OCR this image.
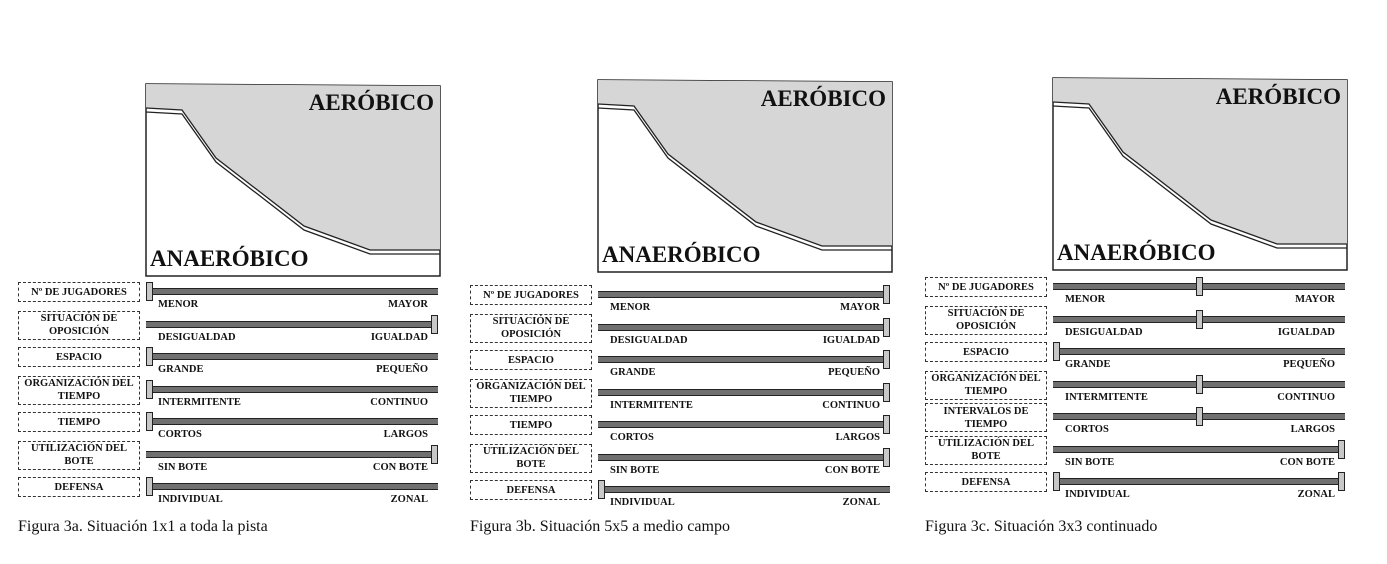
AERÓBICO
ANAERÓBICO
Nº DE JUGADORES
MENOR	MAYOR
SITUACIÓN DE OPOSICIÓN	DESIGUALDAD	IGUALDAD
ESPACIO
GRANDE	PEQUEÑO
ORGANIZACIÓN DEL TIEMPO	INTERMITENTE	CONTINUO
TIEMPO
CORTOS	LARGOS
UTILIZACIÓN DEL BOTE	SIN BOTE	CON BOTE
DEFENSA
INDIVIDUAL	ZONAL
Figura 3a. Situación 1x1 a toda la pista
AERÓBICO
ANAERÓBICO
Nº DE JUGADORES
MENOR	MAYOR
SITUACIÓN DE OPOSICIÓN	DESIGUALDAD	IGUALDAD
ESPACIO
GRANDE	PEQUEÑO
ORGANIZACIÓN DEL TIEMPO	INTERMITENTE	CONTINUO
TIEMPO
CORTOS	LARGOS
UTILIZACIÓN DEL BOTE	SIN BOTE	CON BOTE
DEFENSA
INDIVIDUAL	ZONAL
Figura 3b. Situación 5x5 a medio campo
AERÓBICO
ANAERÓBICO
Nº DE JUGADORES
MENOR	MAYOR
SITUACIÓN DE OPOSICIÓN	DESIGUALDAD	IGUALDAD
ESPACIO
GRANDE	PEQUEÑO
ORGANIZACIÓN DEL TIEMPO	INTERMITENTE	CONTINUO
INTERVALOS DE TIEMPO	CORTOS	LARGOS
UTILIZACIÓN DEL BOTE	SIN BOTE	CON BOTE
DEFENSA
INDIVIDUAL	ZONAL
Figura 3c. Situación 3x3 continuado
